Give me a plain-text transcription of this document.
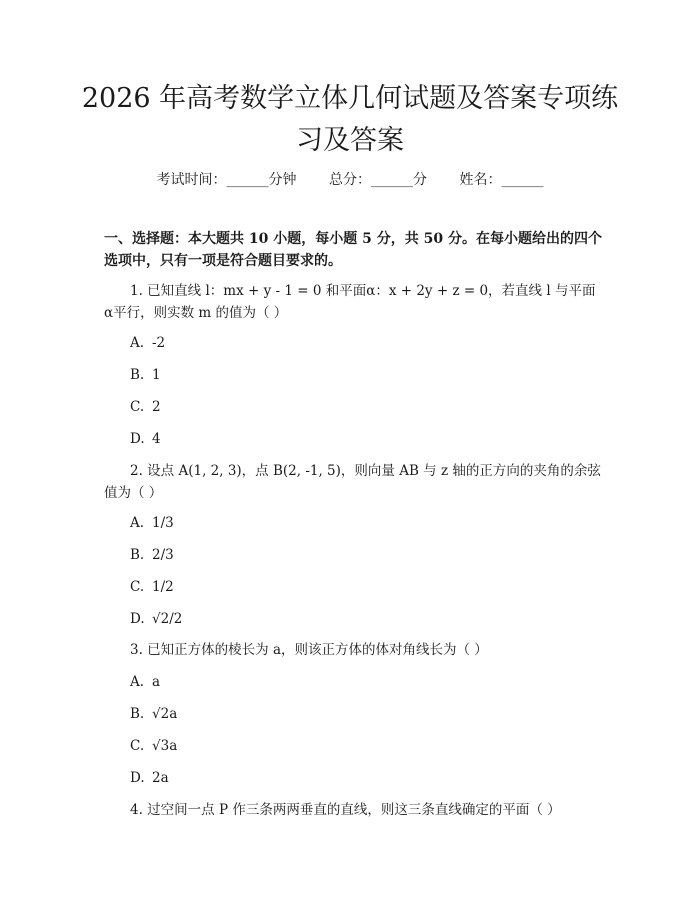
2026 年高考数学立体几何试题及答案专项练习及答案
考试时间：______分钟 总分：______分 姓名：______
一、选择题：本大题共 10 小题，每小题 5 分，共 50 分。在每小题给出的四个选项中，只有一项是符合题目要求的。
1. 已知直线 l：mx + y - 1 = 0 和平面α：x + 2y + z = 0，若直线 l 与平面α平行，则实数 m 的值为（ ）
A. -2
B. 1
C. 2
D. 4
2. 设点 A(1, 2, 3)，点 B(2, -1, 5)，则向量 AB 与 z 轴的正方向的夹角的余弦值为（ ）
A. 1/3
B. 2/3
C. 1/2
D. √2/2
3. 已知正方体的棱长为 a，则该正方体的体对角线长为（ ）
A. a
B. √2a
C. √3a
D. 2a
4. 过空间一点 P 作三条两两垂直的直线，则这三条直线确定的平面（ ）
